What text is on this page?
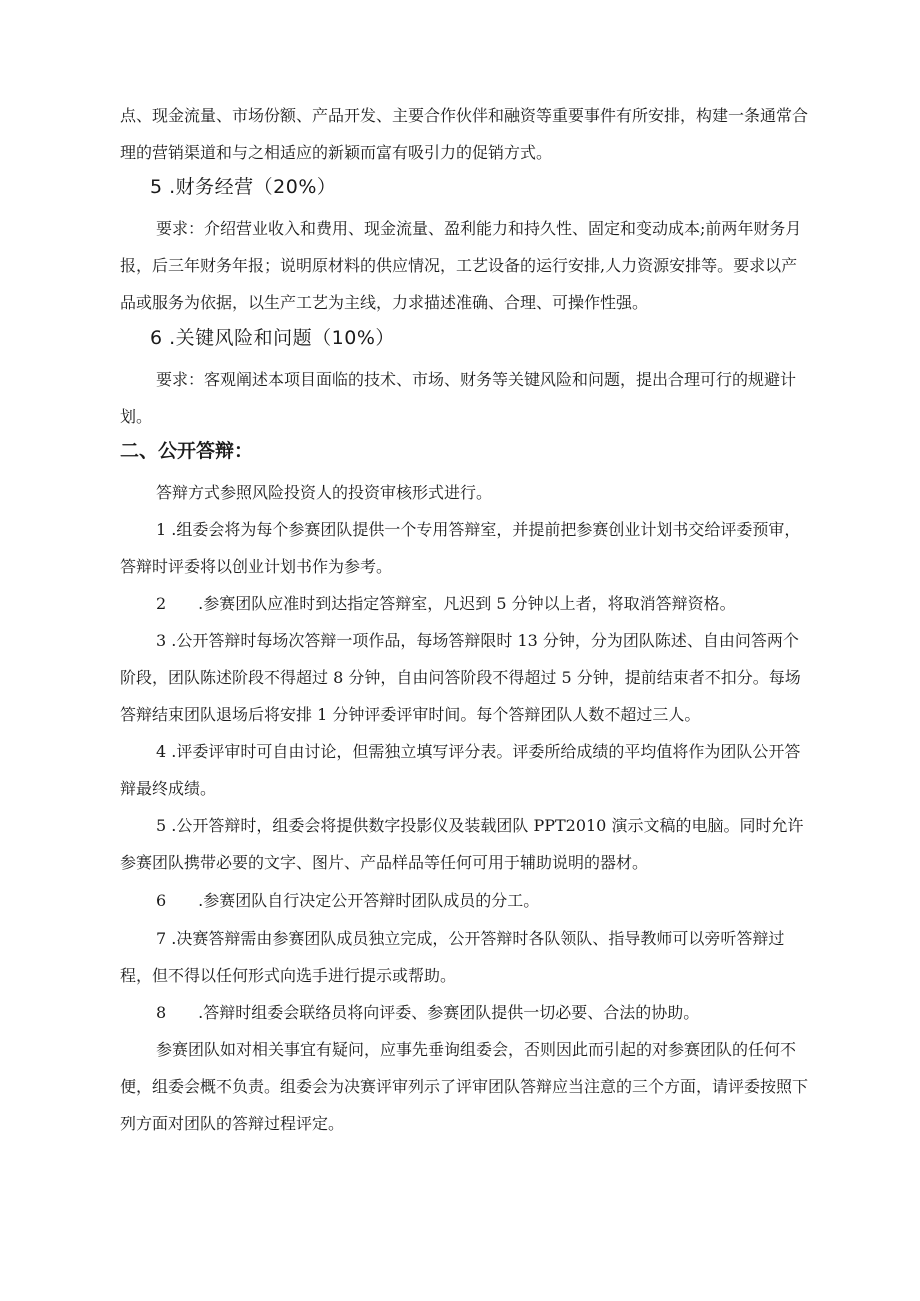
点、现金流量、市场份额、产品开发、主要合作伙伴和融资等重要事件有所安排，构建一条通常合理的营销渠道和与之相适应的新颖而富有吸引力的促销方式。

5 .财务经营（20%）

要求：介绍营业收入和费用、现金流量、盈利能力和持久性、固定和变动成本;前两年财务月报，后三年财务年报；说明原材料的供应情况，工艺设备的运行安排,人力资源安排等。要求以产品或服务为依据，以生产工艺为主线，力求描述准确、合理、可操作性强。

6 .关键风险和问题（10%）

要求：客观阐述本项目面临的技术、市场、财务等关键风险和问题，提出合理可行的规避计划。

二、公开答辩：

答辩方式参照风险投资人的投资审核形式进行。

1 .组委会将为每个参赛团队提供一个专用答辩室，并提前把参赛创业计划书交给评委预审，答辩时评委将以创业计划书作为参考。

2　　.参赛团队应准时到达指定答辩室，凡迟到 5 分钟以上者，将取消答辩资格。

3 .公开答辩时每场次答辩一项作品，每场答辩限时 13 分钟，分为团队陈述、自由问答两个阶段，团队陈述阶段不得超过 8 分钟，自由问答阶段不得超过 5 分钟，提前结束者不扣分。每场答辩结束团队退场后将安排 1 分钟评委评审时间。每个答辩团队人数不超过三人。

4 .评委评审时可自由讨论，但需独立填写评分表。评委所给成绩的平均值将作为团队公开答辩最终成绩。

5 .公开答辩时，组委会将提供数字投影仪及装载团队 PPT2010 演示文稿的电脑。同时允许参赛团队携带必要的文字、图片、产品样品等任何可用于辅助说明的器材。

6　　.参赛团队自行决定公开答辩时团队成员的分工。

7 .决赛答辩需由参赛团队成员独立完成，公开答辩时各队领队、指导教师可以旁听答辩过程，但不得以任何形式向选手进行提示或帮助。

8　　.答辩时组委会联络员将向评委、参赛团队提供一切必要、合法的协助。

参赛团队如对相关事宜有疑问，应事先垂询组委会，否则因此而引起的对参赛团队的任何不便，组委会概不负责。组委会为决赛评审列示了评审团队答辩应当注意的三个方面，请评委按照下列方面对团队的答辩过程评定。
